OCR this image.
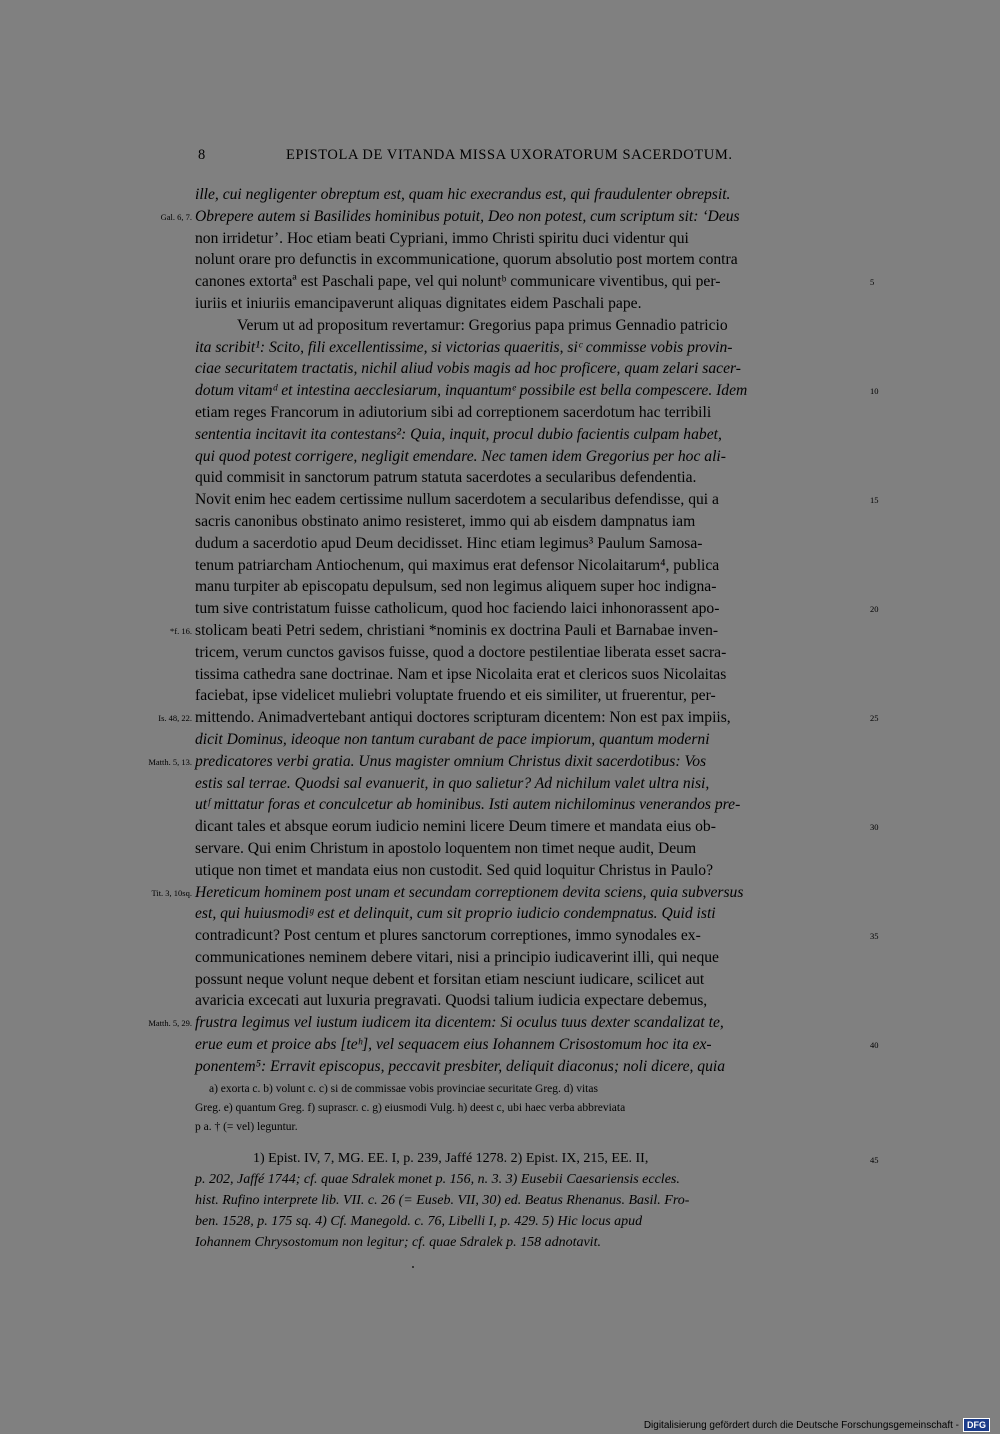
8	EPISTOLA DE VITANDA MISSA UXORATORUM SACERDOTUM.
ille, cui negligenter obreptum est, quam hic execrandus est, qui fraudulenter obrepsit.
Obrepere autem si Basilides hominibus potuit, Deo non potest, cum scriptum sit: ‘Deus
non irridetur’. Hoc etiam beati Cypriani, immo Christi spiritu duci videntur qui
nolunt orare pro defunctis in excommunicatione, quorum absolutio post mortem contra
canones extortaª est Paschali pape, vel qui noluntᵇ communicare viventibus, qui per-
iuriis et iniuriis emancipaverunt aliquas dignitates eidem Paschali pape.
Verum ut ad propositum revertamur: Gregorius papa primus Gennadio patricio
ita scribit¹: Scito, fili excellentissime, si victorias quaeritis, siᶜ commisse vobis provin-
ciae securitatem tractatis, nichil aliud vobis magis ad hoc proficere, quam zelari sacer-
dotum vitamᵈ et intestina aecclesiarum, inquantumᵉ possibile est bella compescere. Idem
etiam reges Francorum in adiutorium sibi ad correptionem sacerdotum hac terribili
sententia incitavit ita contestans²: Quia, inquit, procul dubio facientis culpam habet,
qui quod potest corrigere, negligit emendare. Nec tamen idem Gregorius per hoc ali-
quid commisit in sanctorum patrum statuta sacerdotes a secularibus defendentia.
Novit enim hec eadem certissime nullum sacerdotem a secularibus defendisse, qui a
sacris canonibus obstinato animo resisteret, immo qui ab eisdem dampnatus iam
dudum a sacerdotio apud Deum decidisset. Hinc etiam legimus³ Paulum Samosa-
tenum patriarcham Antiochenum, qui maximus erat defensor Nicolaitarum⁴, publica
manu turpiter ab episcopatu depulsum, sed non legimus aliquem super hoc indigna-
tum sive contristatum fuisse catholicum, quod hoc faciendo laici inhonorassent apo-
stolicam beati Petri sedem, christiani *nominis ex doctrina Pauli et Barnabae inven-
tricem, verum cunctos gavisos fuisse, quod a doctore pestilentiae liberata esset sacra-
tissima cathedra sane doctrinae. Nam et ipse Nicolaita erat et clericos suos Nicolaitas
faciebat, ipse videlicet muliebri voluptate fruendo et eis similiter, ut fruerentur, per-
mittendo. Animadvertebant antiqui doctores scripturam dicentem: Non est pax impiis,
dicit Dominus, ideoque non tantum curabant de pace impiorum, quantum moderni
predicatores verbi gratia. Unus magister omnium Christus dixit sacerdotibus: Vos
estis sal terrae. Quodsi sal evanuerit, in quo salietur? Ad nichilum valet ultra nisi,
utᶠ mittatur foras et conculcetur ab hominibus. Isti autem nichilominus venerandos pre-
dicant tales et absque eorum iudicio nemini licere Deum timere et mandata eius ob-
servare. Qui enim Christum in apostolo loquentem non timet neque audit, Deum
utique non timet et mandata eius non custodit. Sed quid loquitur Christus in Paulo?
Hereticum hominem post unam et secundam correptionem devita sciens, quia subversus
est, qui huiusmodiᵍ est et delinquit, cum sit proprio iudicio condempnatus. Quid isti
contradicunt? Post centum et plures sanctorum correptiones, immo synodales ex-
communicationes neminem debere vitari, nisi a principio iudicaverint illi, qui neque
possunt neque volunt neque debent et forsitan etiam nesciunt iudicare, scilicet aut
avaricia excecati aut luxuria pregravati. Quodsi talium iudicia expectare debemus,
frustra legimus vel iustum iudicem ita dicentem: Si oculus tuus dexter scandalizat te,
erue eum et proice abs [teʰ], vel sequacem eius Iohannem Crisostomum hoc ita ex-
ponentem⁵: Erravit episcopus, peccavit presbiter, deliquit diaconus; noli dicere, quia
Gal. 6, 7.
*f. 16.
Is. 48, 22.
Matth. 5, 13.
Tit. 3, 10sq.
Matth. 5, 29.
5
10
15
20
25
30
35
40
a) exorta c. b) volunt c. c) si de commissae vobis provinciae securitate Greg. d) vitas
Greg. e) quantum Greg. f) suprascr. c. g) eiusmodi Vulg. h) deest c, ubi haec verba abbreviata
p a. † (= vel) leguntur.
1) Epist. IV, 7, MG. EE. I, p. 239, Jaffé 1278. 2) Epist. IX, 215, EE. II,
p. 202, Jaffé 1744; cf. quae Sdralek monet p. 156, n. 3. 3) Eusebii Caesariensis eccles.
hist. Rufino interprete lib. VII. c. 26 (= Euseb. VII, 30) ed. Beatus Rhenanus. Basil. Fro-
ben. 1528, p. 175 sq. 4) Cf. Manegold. c. 76, Libelli I, p. 429. 5) Hic locus apud
Iohannem Chrysostomum non legitur; cf. quae Sdralek p. 158 adnotavit.
45
Digitalisierung gefördert durch die Deutsche Forschungsgemeinschaft - DFG
